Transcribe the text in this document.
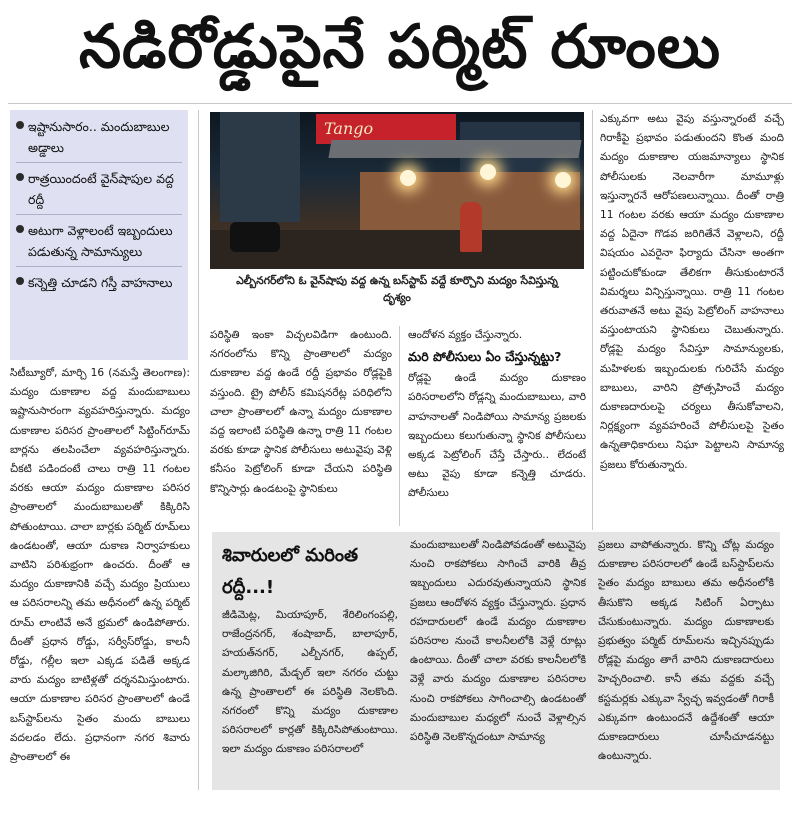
నడిరోడ్డుపైనే పర్మిట్ రూంలు
ఇష్టానుసారం.. మందుబాబుల అడ్డాలు
రాత్రయిందంటే వైన్‌షాపుల వద్ద రద్దీ
అటుగా వెళ్లాలంటే ఇబ్బందులు పడుతున్న సామాన్యులు
కన్నెత్తి చూడని గస్తీ వాహనాలు
Tango
ఎల్బీనగర్‌లోని ఓ వైన్‌షాపు వద్ద ఉన్న బస్‌స్టాప్ వద్దే కూర్చొని మద్యం సేవిస్తున్న దృశ్యం

సిటీబ్యూరో, మార్చి 16 (నమస్తే తెలంగాణ): మద్యం దుకాణాల వద్ద మందుబాబులు ఇష్టానుసారంగా వ్యవహరిస్తున్నారు. మద్యం దుకాణాల పరిసర ప్రాంతాలలో సిట్టింగ్‌రూమ్ బార్లను తలపించేలా వ్యవహరిస్తున్నారు. చీకటి పడిందంటే చాలు రాత్రి 11 గంటల వరకు ఆయా మద్యం దుకాణాల పరిసర ప్రాంతాలలో మందుబాబులతో కిక్కిరిసి పోతుంటాయి. చాలా బార్లకు పర్మిట్ రూమ్‌లు ఉండటంతో, ఆయా దుకాణ నిర్వాహకులు వాటిని పరిశుభ్రంగా ఉంచరు. దీంతో ఆ మద్యం దుకాణానికి వచ్చే మద్యం ప్రియులు ఆ పరిసరాలన్ని తమ అధీనంలో ఉన్న పర్మిట్ రూమ్ లాంటివే అనే భ్రమలో ఉండిపోతారు. దీంతో ప్రధాన రోడ్డు, సర్వీస్‌రోడ్డు, కాలనీ రోడ్డు, గల్లీల ఇలా ఎక్కడ పడితే అక్కడ వారు మద్యం బాటిళ్లతో దర్శనమిస్తుంటారు. ఆయా దుకాణాల పరిసర ప్రాంతాలలో ఉండే బస్‌స్టాప్‌లను సైతం మందు బాబులు వదలడం లేదు. ప్రధానంగా నగర శివారు ప్రాంతాలలో ఈ

పరిస్థితి ఇంకా విచ్చలవిడిగా ఉంటుంది. నగరంలోను కొన్ని ప్రాంతాలలో మద్యం దుకాణాల వద్ద ఉండే రద్దీ ప్రభావం రోడ్లపైకి వస్తుంది. ట్రై పోలీస్ కమిషనరేట్ల పరిధిలోని చాలా ప్రాంతాలలో ఉన్నా మద్యం దుకాణాల వద్ద ఇలాంటి పరిస్థితి ఉన్నా రాత్రి 11 గంటల వరకు కూడా స్థానిక పోలీసులు అటువైపు వెళ్లి కనీసం పెట్రోలింగ్ కూడా చేయని పరిస్థితి కొన్నిసార్లు ఉండటంపై స్థానికులు

ఆందోళన వ్యక్తం చేస్తున్నారు.

మరి పోలీసులు ఏం చేస్తున్నట్టు?

రోడ్లపై ఉండే మద్యం దుకాణం పరిసరాలలోని రోడ్లన్ని మందుబాబులు, వారి వాహనాలతో నిండిపోయి సామాన్య ప్రజలకు ఇబ్బందులు కలుగుతున్నా స్థానిక పోలీసులు అక్కడ పెట్రోలింగ్ చేస్తే చేస్తారు.. లేదంటే అటు వైపు కూడా కన్నెత్తి చూడరు. పోలీసులు

ఎక్కువగా అటు వైపు వస్తున్నారంటే వచ్చే గిరాకీపై ప్రభావం పడుతుందని కొంత మంది మద్యం దుకాణాల యజమాన్యాలు స్థానిక పోలీసులకు నెలవారీగా మామూళ్లు ఇస్తున్నారనే ఆరోపణలున్నాయి. దీంతో రాత్రి 11 గంటల వరకు ఆయా మద్యం దుకాణాల వద్ద ఏదైనా గొడవ జరిగితేనే వెళ్లాలని, రద్దీ విషయం ఎవరైనా ఫిర్యాదు చేసినా అంతగా పట్టించుకోకుండా తేలికగా తీసుకుంటారనే విమర్శలు విన్పిస్తున్నాయి. రాత్రి 11 గంటల తరువాతనే అటు వైపు పెట్రోలింగ్ వాహనాలు వస్తుంటాయని స్థానికులు చెబుతున్నారు. రోడ్లపై మద్యం సేవిస్తూ సామాన్యులకు, మహిళలకు ఇబ్బందులకు గురిచేసే మద్యం బాబులు, వారిని ప్రోత్సహించే మద్యం దుకాణదారులపై చర్యలు తీసుకోవాలని, నిర్లక్ష్యంగా వ్యవహరించే పోలీసులపై సైతం ఉన్నతాధికారులు నిఘా పెట్టాలని సామాన్య ప్రజలు కోరుతున్నారు.

శివారులలో మరింత రద్దీ...!

జీడిమెట్ల, మియాపూర్, శేరిలింగంపల్లి, రాజేంద్రనగర్, శంషాబాద్, బాలాపూర్, హయత్‌నగర్, ఎల్బీనగర్, ఉప్పల్, మల్కాజిగిరి, మేడ్చల్ ఇలా నగరం చుట్టు ఉన్న ప్రాంతాలలో ఈ పరిస్థితి నెలకొంది. నగరంలో కొన్ని మద్యం దుకాణాల పరిసరాలలో కార్లతో కిక్కిరిసిపోతుంటాయి. ఇలా మద్యం దుకాణం పరిసరాలలో

మందుబాబులతో నిండిపోవడంతో అటువైపు నుంచి రాకపోకలు సాగించే వారికి తీవ్ర ఇబ్బందులు ఎదురవుతున్నాయని స్థానిక ప్రజలు ఆందోళన వ్యక్తం చేస్తున్నారు. ప్రధాన రహదారులలో ఉండే మద్యం దుకాణాల పరిసరాల నుంచే కాలనీలలోకి వెళ్లే రూట్లు ఉంటాయి. దీంతో చాలా వరకు కాలనీలలోకి వెళ్లే వారు మద్యం దుకాణాల పరిసరాల నుంచి రాకపోకలు సాగించాల్సి ఉండటంతో మందుబాబుల మధ్యలో నుంచే వెళ్లాల్సిన పరిస్థితి నెలకొన్నదంటూ సామాన్య

ప్రజలు వాపోతున్నారు. కొన్ని చోట్ల మద్యం దుకాణాల పరిసరాలలో ఉండే బస్‌స్టాప్‌లను సైతం మద్యం బాబులు తమ అధీనంలోకి తీసుకొని అక్కడ సిటింగ్ ఏర్పాటు చేసుకుంటున్నారు. మద్యం దుకాణాలకు ప్రభుత్వం పర్మిట్ రూమ్‌లను ఇచ్చినప్పుడు రోడ్లపై మద్యం తాగే వారిని దుకాణదారులు హెచ్చరించాలి. కానీ తమ వద్దకు వచ్చే కస్టమర్లకు ఎక్కువా స్వేచ్ఛ ఇవ్వడంతో గిరాకీ ఎక్కువగా ఉంటుందనే ఉద్దేశంతో ఆయా దుకాణదారులు చూసీచూడనట్టు ఉంటున్నారు.
